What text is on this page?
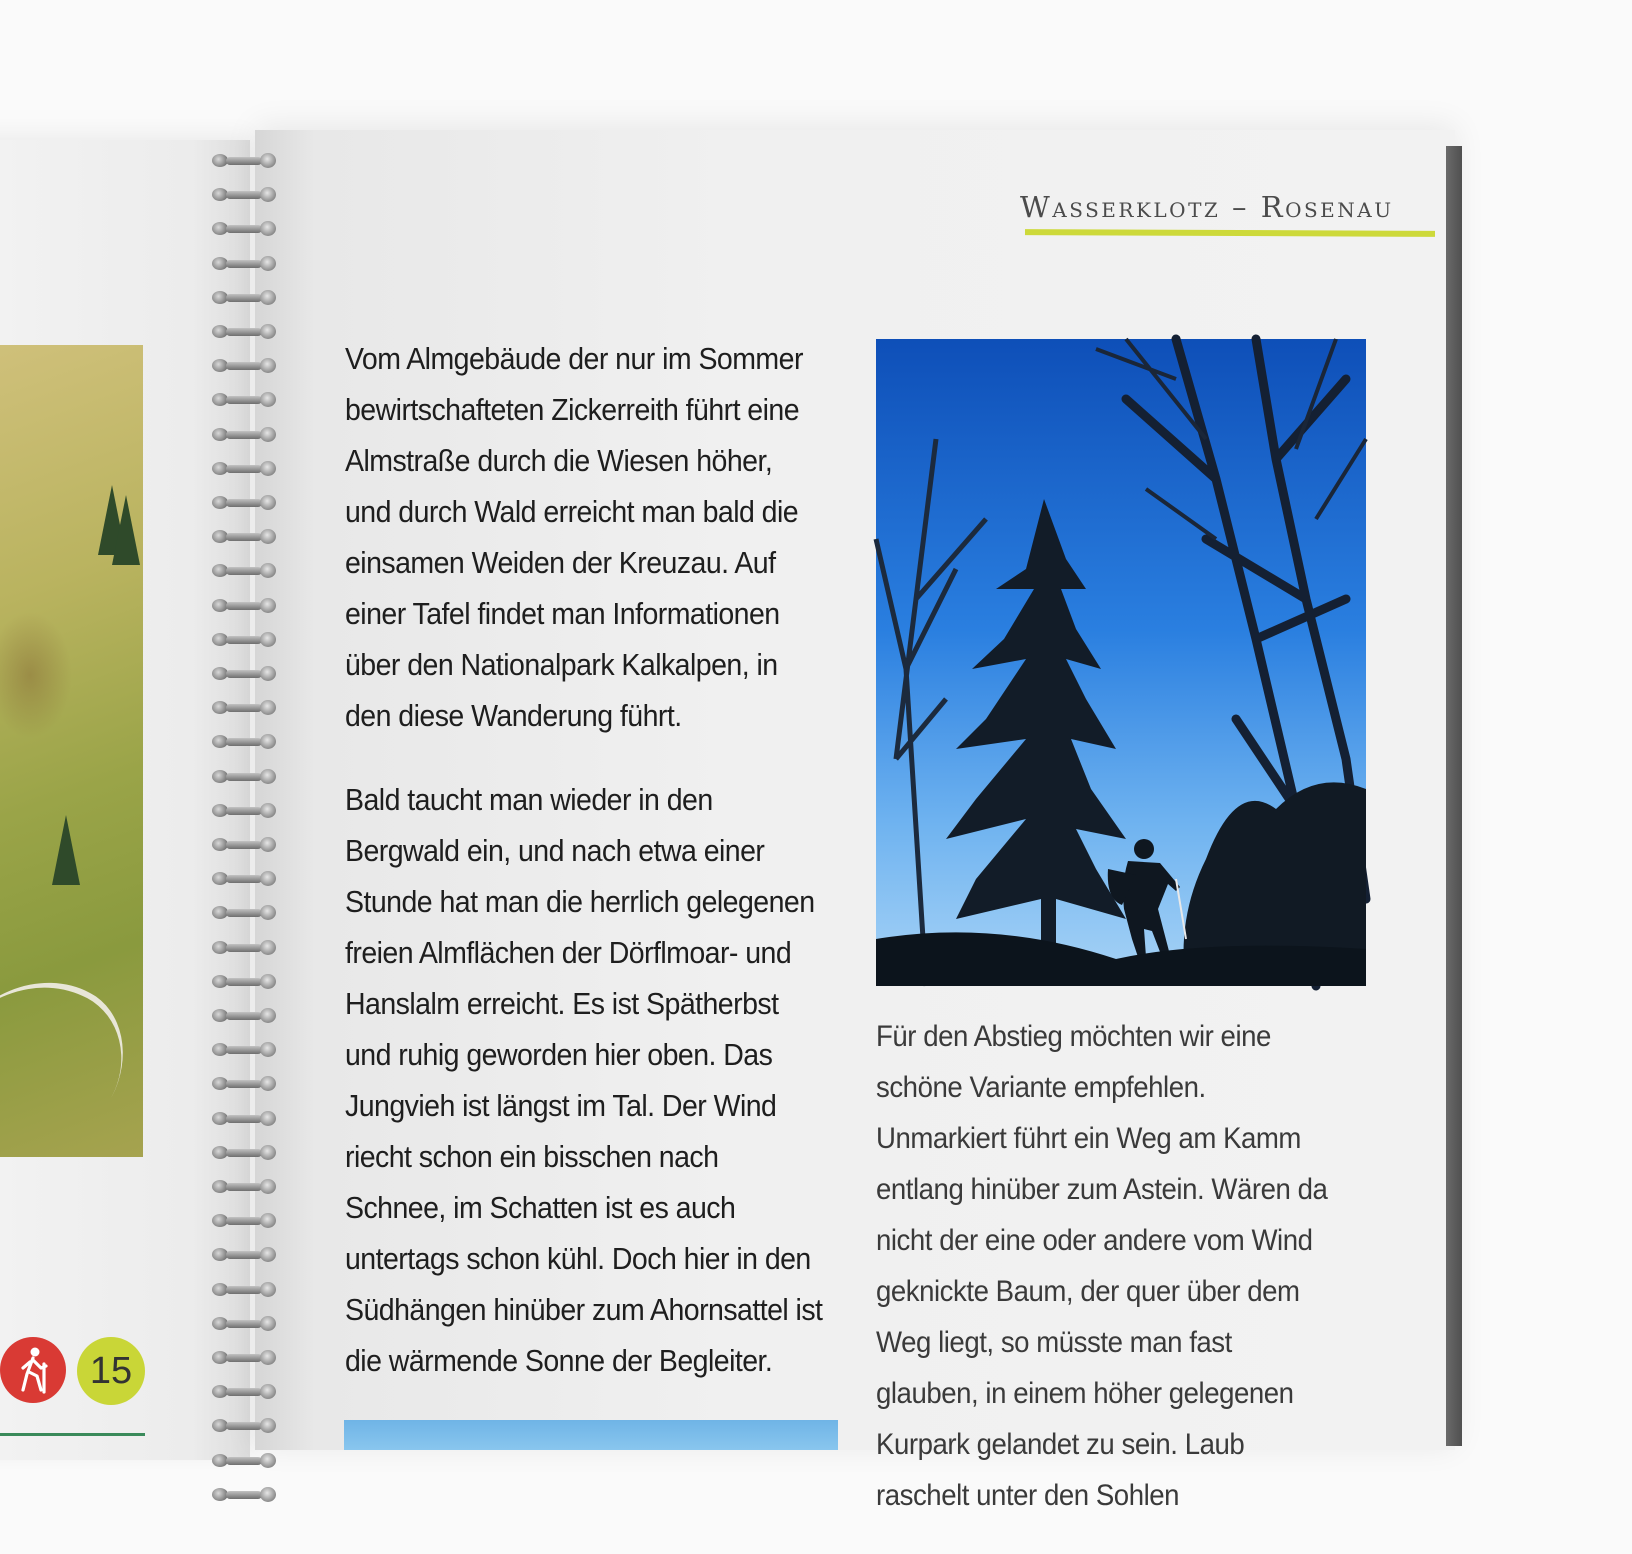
15
Wasserklotz – Rosenau

Vom Almgebäude der nur im Sommer bewirtschafteten Zickerreith führt eine Almstraße durch die Wiesen höher, und durch Wald erreicht man bald die einsamen Weiden der Kreuzau. Auf einer Tafel findet man Informationen über den Nationalpark Kalkalpen, in den diese Wanderung führt.

Bald taucht man wieder in den Bergwald ein, und nach etwa einer Stunde hat man die herrlich gelegenen freien Almflächen der Dörflmoar- und Hanslalm erreicht. Es ist Spätherbst und ruhig geworden hier oben. Das Jungvieh ist längst im Tal. Der Wind riecht schon ein bisschen nach Schnee, im Schatten ist es auch untertags schon kühl. Doch hier in den Südhängen hinüber zum Ahornsattel ist die wärmende Sonne der Begleiter.

Für den Abstieg möchten wir eine schöne Variante empfehlen. Unmarkiert führt ein Weg am Kamm entlang hinüber zum Astein. Wären da nicht der eine oder andere vom Wind geknickte Baum, der quer über dem Weg liegt, so müsste man fast glauben, in einem höher gelegenen Kurpark gelandet zu sein. Laub raschelt unter den Sohlen
